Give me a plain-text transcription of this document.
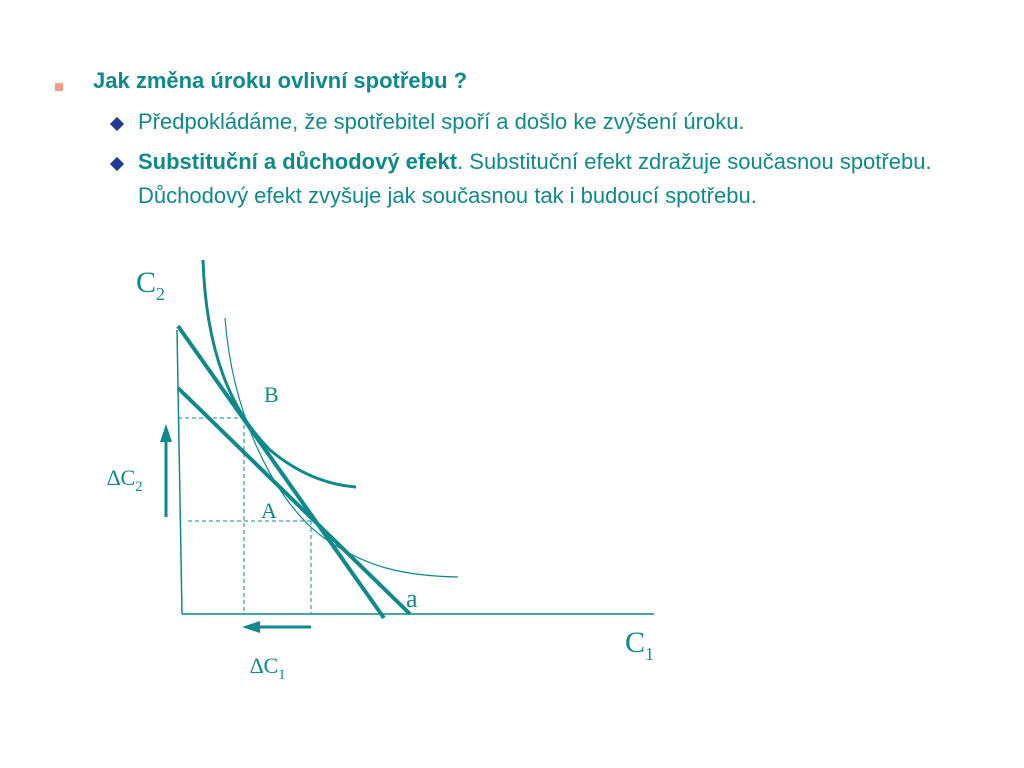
Jak změna úroku ovlivní spotřebu ?
Předpokládáme, že spotřebitel spoří a došlo ke zvýšení úroku.
Substituční a důchodový efekt. Substituční efekt zdražuje současnou spotřebu. Důchodový efekt zvyšuje jak současnou tak i budoucí spotřebu.
$C_2$
$C_1$
B
A
a
$\Delta C_2$
$\Delta C_1$
